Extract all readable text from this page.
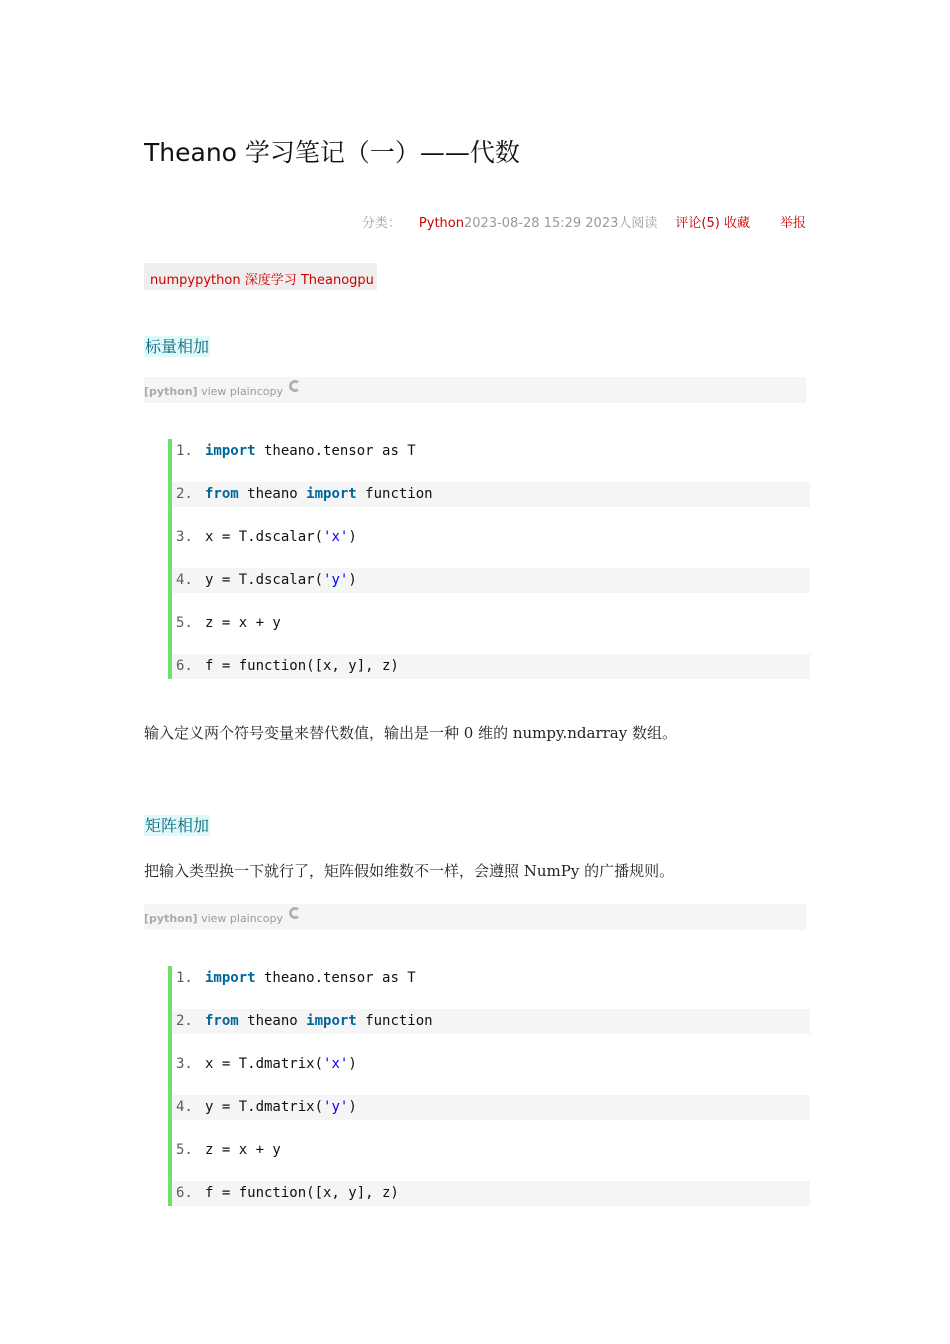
Theano 学习笔记（一）——代数
分类： Python2023-08-28 15:29 2023人阅读 评论(5) 收藏 举报
numpypython 深度学习 Theanogpu
标量相加
[python] view plaincopy
1. import theano.tensor as T
2. from theano import function
3. x = T.dscalar('x')
4. y = T.dscalar('y')
5. z = x + y
6. f = function([x, y], z)
输入定义两个符号变量来替代数值，输出是一种 0 维的 numpy.ndarray 数组。
矩阵相加
把输入类型换一下就行了，矩阵假如维数不一样，会遵照 NumPy 的广播规则。
[python] view plaincopy
1. import theano.tensor as T
2. from theano import function
3. x = T.dmatrix('x')
4. y = T.dmatrix('y')
5. z = x + y
6. f = function([x, y], z)
